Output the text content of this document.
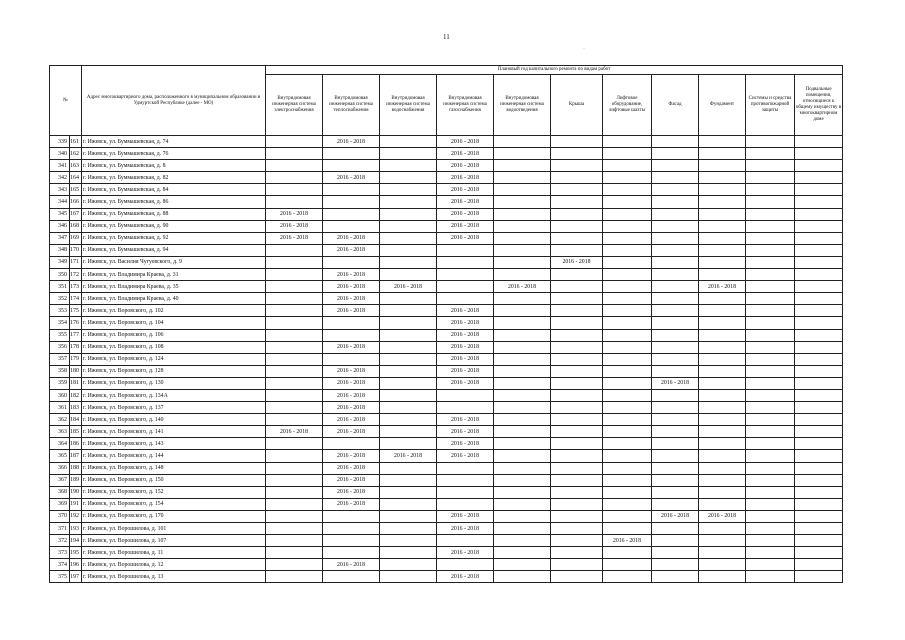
11
·
№		Адрес многоквартирного дома, расположенного в муниципальном образовании в Удмуртской Республике (далее - МО)	Плановый год капитального ремонта по видам работ										
			Внутридомовая инженерная система электроснабжения	Внутридомовая инженерная система теплоснабжения	Внутридомовая инженерная система водоснабжения	Внутридомовая инженерная система газоснабжения	Внутридомовая инженерная система водоотведения	Крыша	Лифтовое оборудование, лифтовые шахты	Фасад	Фундамент	Системы и средства противопожарной защиты	Подвальные помещения, относящиеся к общему имуществу в многоквартирном доме
339	161	г. Ижевск, ул. Буммашевская, д. 74		2016 - 2018		2016 - 2018							
340	162	г. Ижевск, ул. Буммашевская, д. 76				2016 - 2018							
341	163	г. Ижевск, ул. Буммашевская, д. 8				2016 - 2018							
342	164	г. Ижевск, ул. Буммашевская, д. 82		2016 - 2018		2016 - 2018							
343	165	г. Ижевск, ул. Буммашевская, д. 84				2016 - 2018							
344	166	г. Ижевск, ул. Буммашевская, д. 86				2016 - 2018							
345	167	г. Ижевск, ул. Буммашевская, д. 88	2016 - 2018			2016 - 2018							
346	168	г. Ижевск, ул. Буммашевская, д. 90	2016 - 2018			2016 - 2018							
347	169	г. Ижевск, ул. Буммашевская, д. 92	2016 - 2018	2016 - 2018		2016 - 2018							
348	170	г. Ижевск, ул. Буммашевская, д. 94		2016 - 2018									
349	171	г. Ижевск, ул. Василия Чугуевского, д. 9						2016 - 2018					
350	172	г. Ижевск, ул. Владимира Краева, д. 31		2016 - 2018									
351	173	г. Ижевск, ул. Владимира Краева, д. 35		2016 - 2018	2016 - 2018		2016 - 2018				2016 - 2018		
352	174	г. Ижевск, ул. Владимира Краева, д. 40		2016 - 2018									
353	175	г. Ижевск, ул. Воровского, д. 102		2016 - 2018		2016 - 2018							
354	176	г. Ижевск, ул. Воровского, д. 104				2016 - 2018							
355	177	г. Ижевск, ул. Воровского, д. 106				2016 - 2018							
356	178	г. Ижевск, ул. Воровского, д. 108		2016 - 2018		2016 - 2018							
357	179	г. Ижевск, ул. Воровского, д. 124				2016 - 2018							
358	180	г. Ижевск, ул. Воровского, д. 128		2016 - 2018		2016 - 2018							
359	181	г. Ижевск, ул. Воровского, д. 130		2016 - 2018		2016 - 2018				2016 - 2018			
360	182	г. Ижевск, ул. Воровского, д. 134А		2016 - 2018									
361	183	г. Ижевск, ул. Воровского, д. 137		2016 - 2018									
362	184	г. Ижевск, ул. Воровского, д. 140		2016 - 2018		2016 - 2018							
363	185	г. Ижевск, ул. Воровского, д. 141	2016 - 2018	2016 - 2018		2016 - 2018							
364	186	г. Ижевск, ул. Воровского, д. 143				2016 - 2018							
365	187	г. Ижевск, ул. Воровского, д. 144		2016 - 2018	2016 - 2018	2016 - 2018							
366	188	г. Ижевск, ул. Воровского, д. 148		2016 - 2018									
367	189	г. Ижевск, ул. Воровского, д. 150		2016 - 2018									
368	190	г. Ижевск, ул. Воровского, д. 152		2016 - 2018									
369	191	г. Ижевск, ул. Воровского, д. 154		2016 - 2018									
370	192	г. Ижевск, ул. Воровского, д. 170				2016 - 2018				2016 - 2018	2016 - 2018		
371	193	г. Ижевск, ул. Ворошилова, д. 101				2016 - 2018							
372	194	г. Ижевск, ул. Ворошилова, д. 107							2016 - 2018				
373	195	г. Ижевск, ул. Ворошилова, д. 11				2016 - 2018							
374	196	г. Ижевск, ул. Ворошилова, д. 12		2016 - 2018									
375	197	г. Ижевск, ул. Ворошилова, д. 13				2016 - 2018							
